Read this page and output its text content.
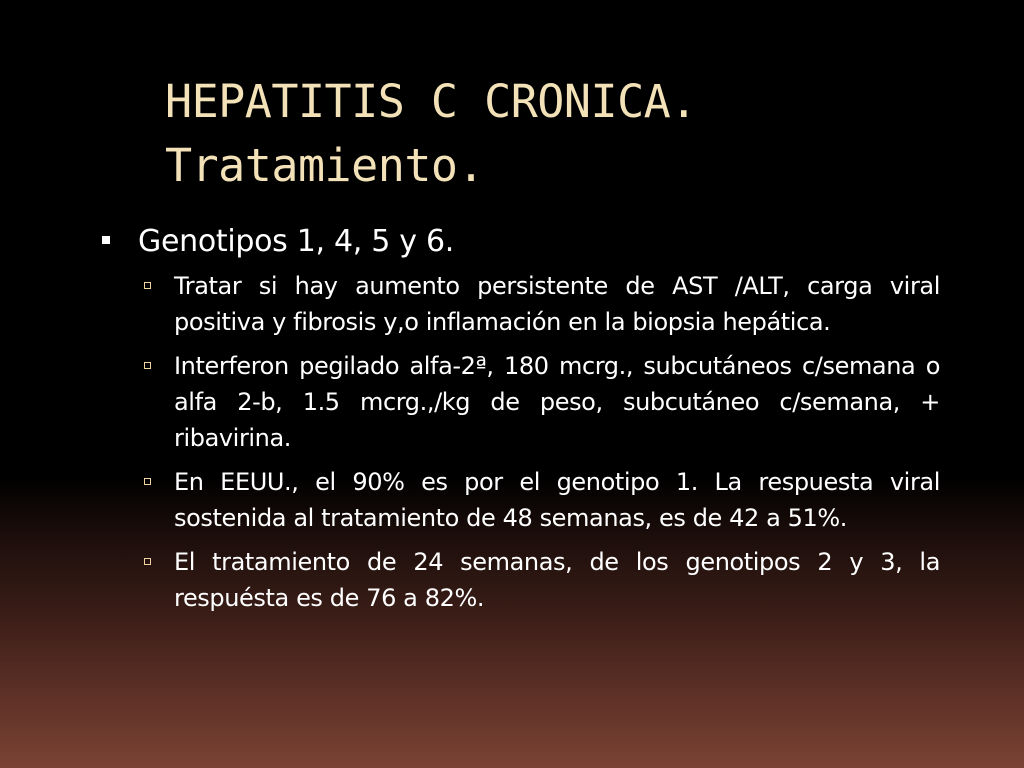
HEPATITIS C CRONICA.
Tratamiento.
Genotipos 1, 4, 5 y 6.
Tratar si hay aumento persistente de AST /ALT, carga viral positiva y fibrosis y,o inflamación en la biopsia hepática.
Interferon pegilado alfa-2ª, 180 mcrg., subcutáneos c/semana o alfa 2-b, 1.5 mcrg.,/kg de peso, subcutáneo c/semana, + ribavirina.
En EEUU., el 90% es por el genotipo 1. La respuesta viral sostenida al tratamiento de 48 semanas, es de 42 a 51%.
El tratamiento de 24 semanas, de los genotipos 2 y 3, la respuésta es de 76 a 82%.
